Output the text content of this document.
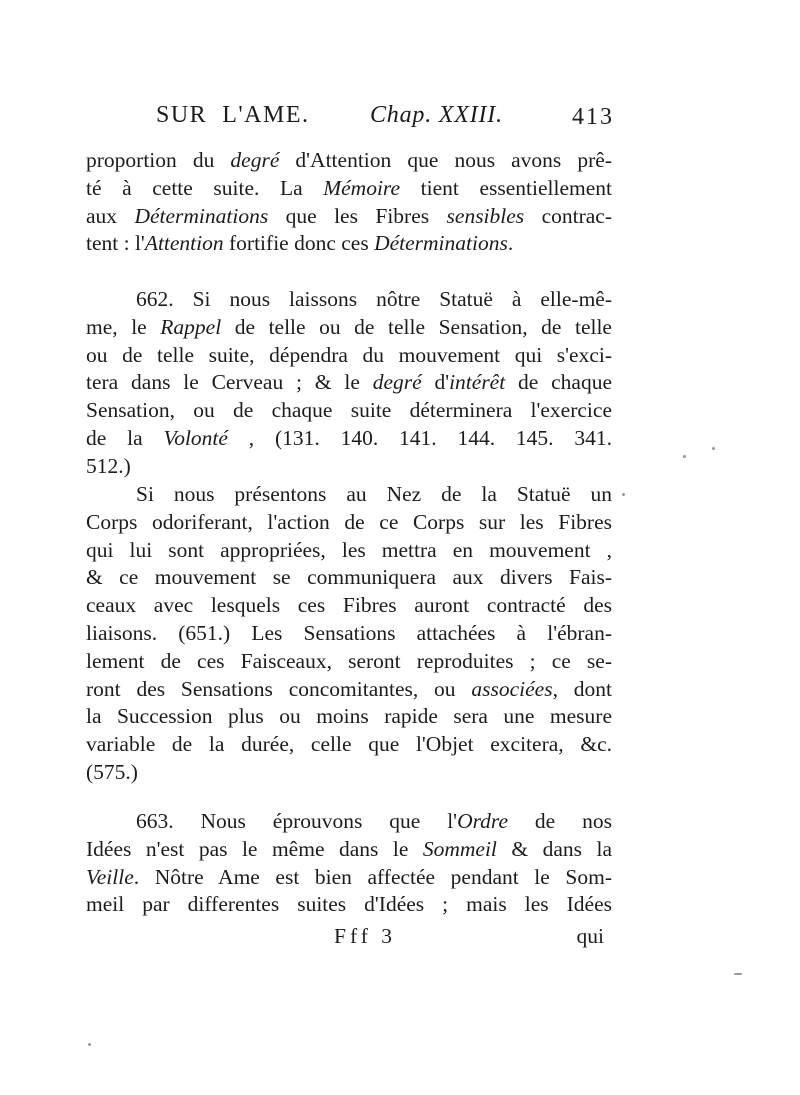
SUR  L'AME.	Chap. XXIII.	413
proportion du degré d'Attention que nous avons prê-
té à cette suite. La Mémoire tient essentiellement
aux Déterminations que les Fibres sensibles contrac-
tent : l'Attention fortifie donc ces Déterminations.
662. Si nous laissons nôtre Statuë à elle-mê-
me, le Rappel de telle ou de telle Sensation, de telle
ou de telle suite, dépendra du mouvement qui s'exci-
tera dans le Cerveau ; & le degré d'intérêt de chaque
Sensation, ou de chaque suite déterminera l'exercice
de la Volonté , (131. 140. 141. 144. 145. 341.
512.)
Si nous présentons au Nez de la Statuë un
Corps odoriferant, l'action de ce Corps sur les Fibres
qui lui sont appropriées, les mettra en mouvement ,
& ce mouvement se communiquera aux divers Fais-
ceaux avec lesquels ces Fibres auront contracté des
liaisons. (651.) Les Sensations attachées à l'ébran-
lement de ces Faisceaux, seront reproduites ; ce se-
ront des Sensations concomitantes, ou associées, dont
la Succession plus ou moins rapide sera une mesure
variable de la durée, celle que l'Objet excitera, &c.
(575.)
663. Nous éprouvons que l'Ordre de nos
Idées n'est pas le même dans le Sommeil & dans la
Veille. Nôtre Ame est bien affectée pendant le Som-
meil par differentes suites d'Idées ; mais les Idées
Fff 3	qui
